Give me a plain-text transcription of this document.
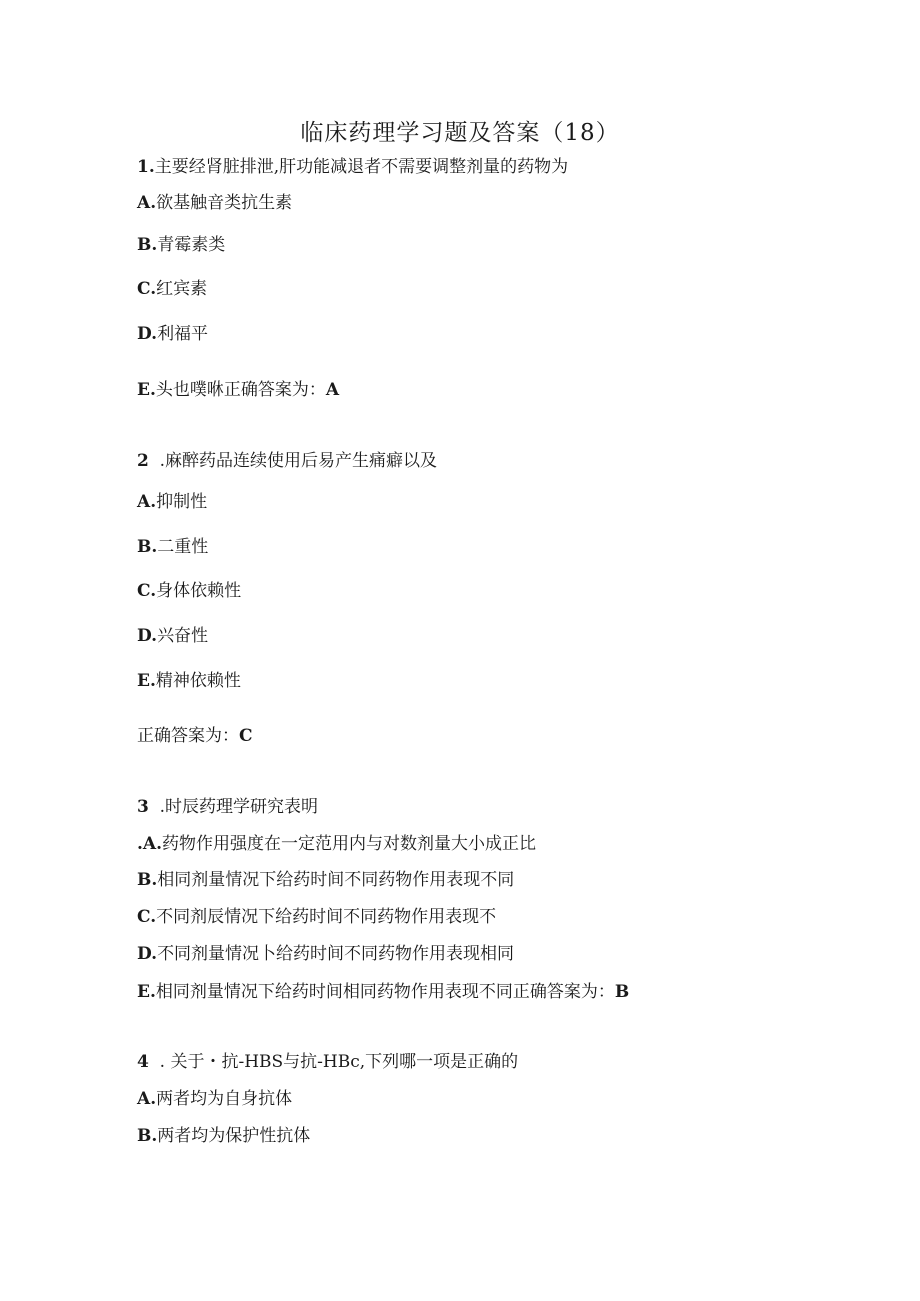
临床药理学习题及答案（18）
1.主要经肾脏排泄,肝功能减退者不需要调整剂量的药物为
A.欲基触音类抗生素
B.青霉素类
C.红宾素
D.利福平
E.头也噗咻正确答案为：A
2  .麻醉药品连续使用后易产生痛癖以及
A.抑制性
B.二重性
C.身体依赖性
D.兴奋性
E.精神依赖性
正确答案为：C
3  .时辰药理学研究表明
.A.药物作用强度在一定范用内与对数剂量大小成正比
B.相同剂量情况下给药时间不同药物作用表现不同
C.不同剂辰情况下给药时间不同药物作用表现不
D.不同剂量情况卜给药时间不同药物作用表现相同
E.相同剂量情况下给药时间相同药物作用表现不同正确答案为：B
4  . 关于・抗-HBS与抗-HBc,下列哪一项是正确的
A.两者均为自身抗体
B.两者均为保护性抗体
